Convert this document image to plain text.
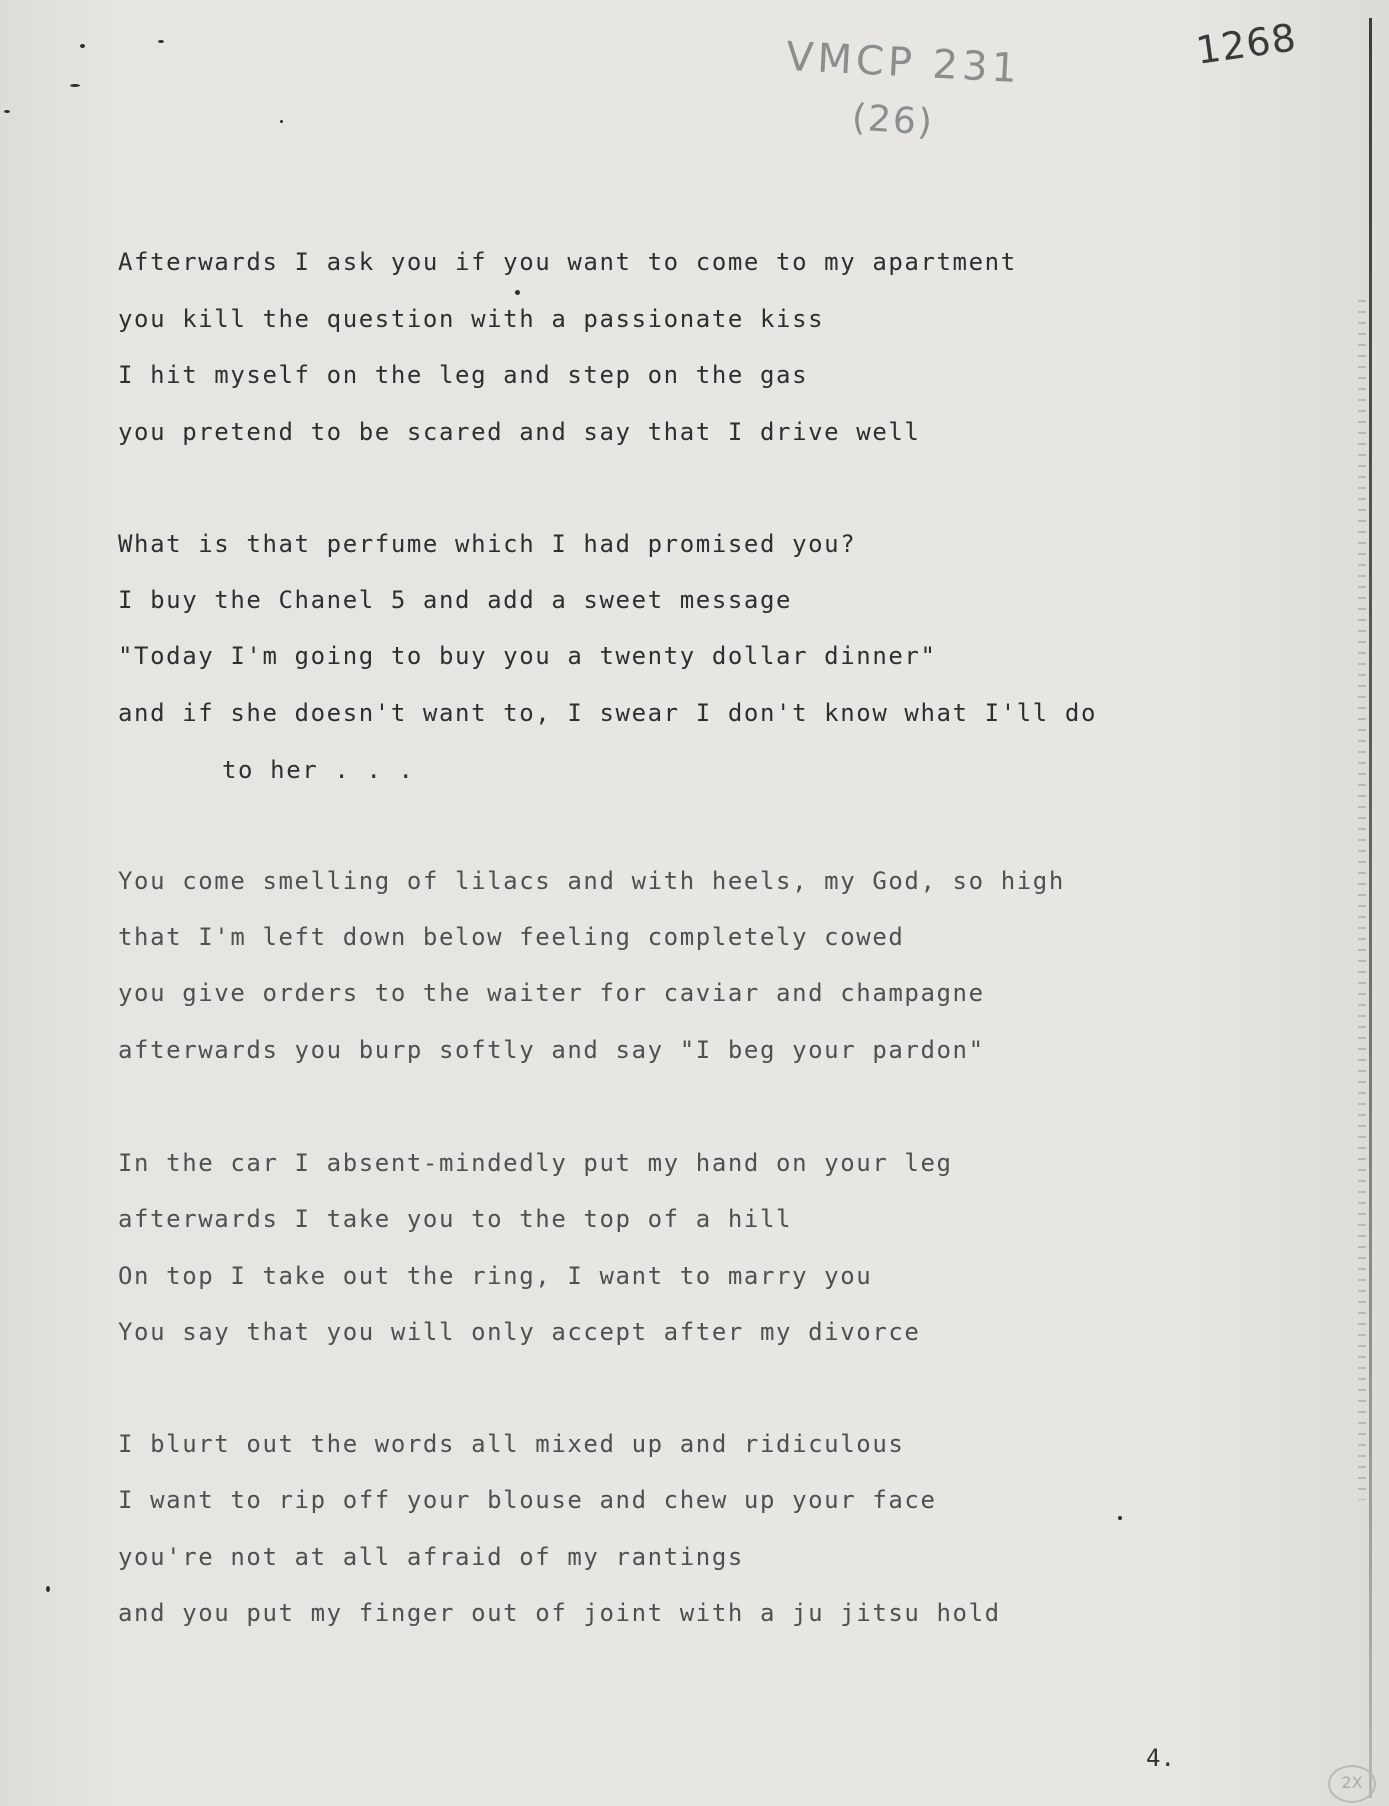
VMCP 231
(26)
1268
Afterwards I ask you if you want to come to my apartment
you kill the question with a passionate kiss
I hit myself on the leg and step on the gas
you pretend to be scared and say that I drive well
What is that perfume which I had promised you?
I buy the Chanel 5 and add a sweet message
"Today I'm going to buy you a twenty dollar dinner"
and if she doesn't want to, I swear I don't know what I'll do
to her . . .
You come smelling of lilacs and with heels, my God, so high
that I'm left down below feeling completely cowed
you give orders to the waiter for caviar and champagne
afterwards you burp softly and say "I beg your pardon"
In the car I absent-mindedly put my hand on your leg
afterwards I take you to the top of a hill
On top I take out the ring, I want to marry you
You say that you will only accept after my divorce
I blurt out the words all mixed up and ridiculous
I want to rip off your blouse and chew up your face
you're not at all afraid of my rantings
and you put my finger out of joint with a ju jitsu hold
4.
2X
